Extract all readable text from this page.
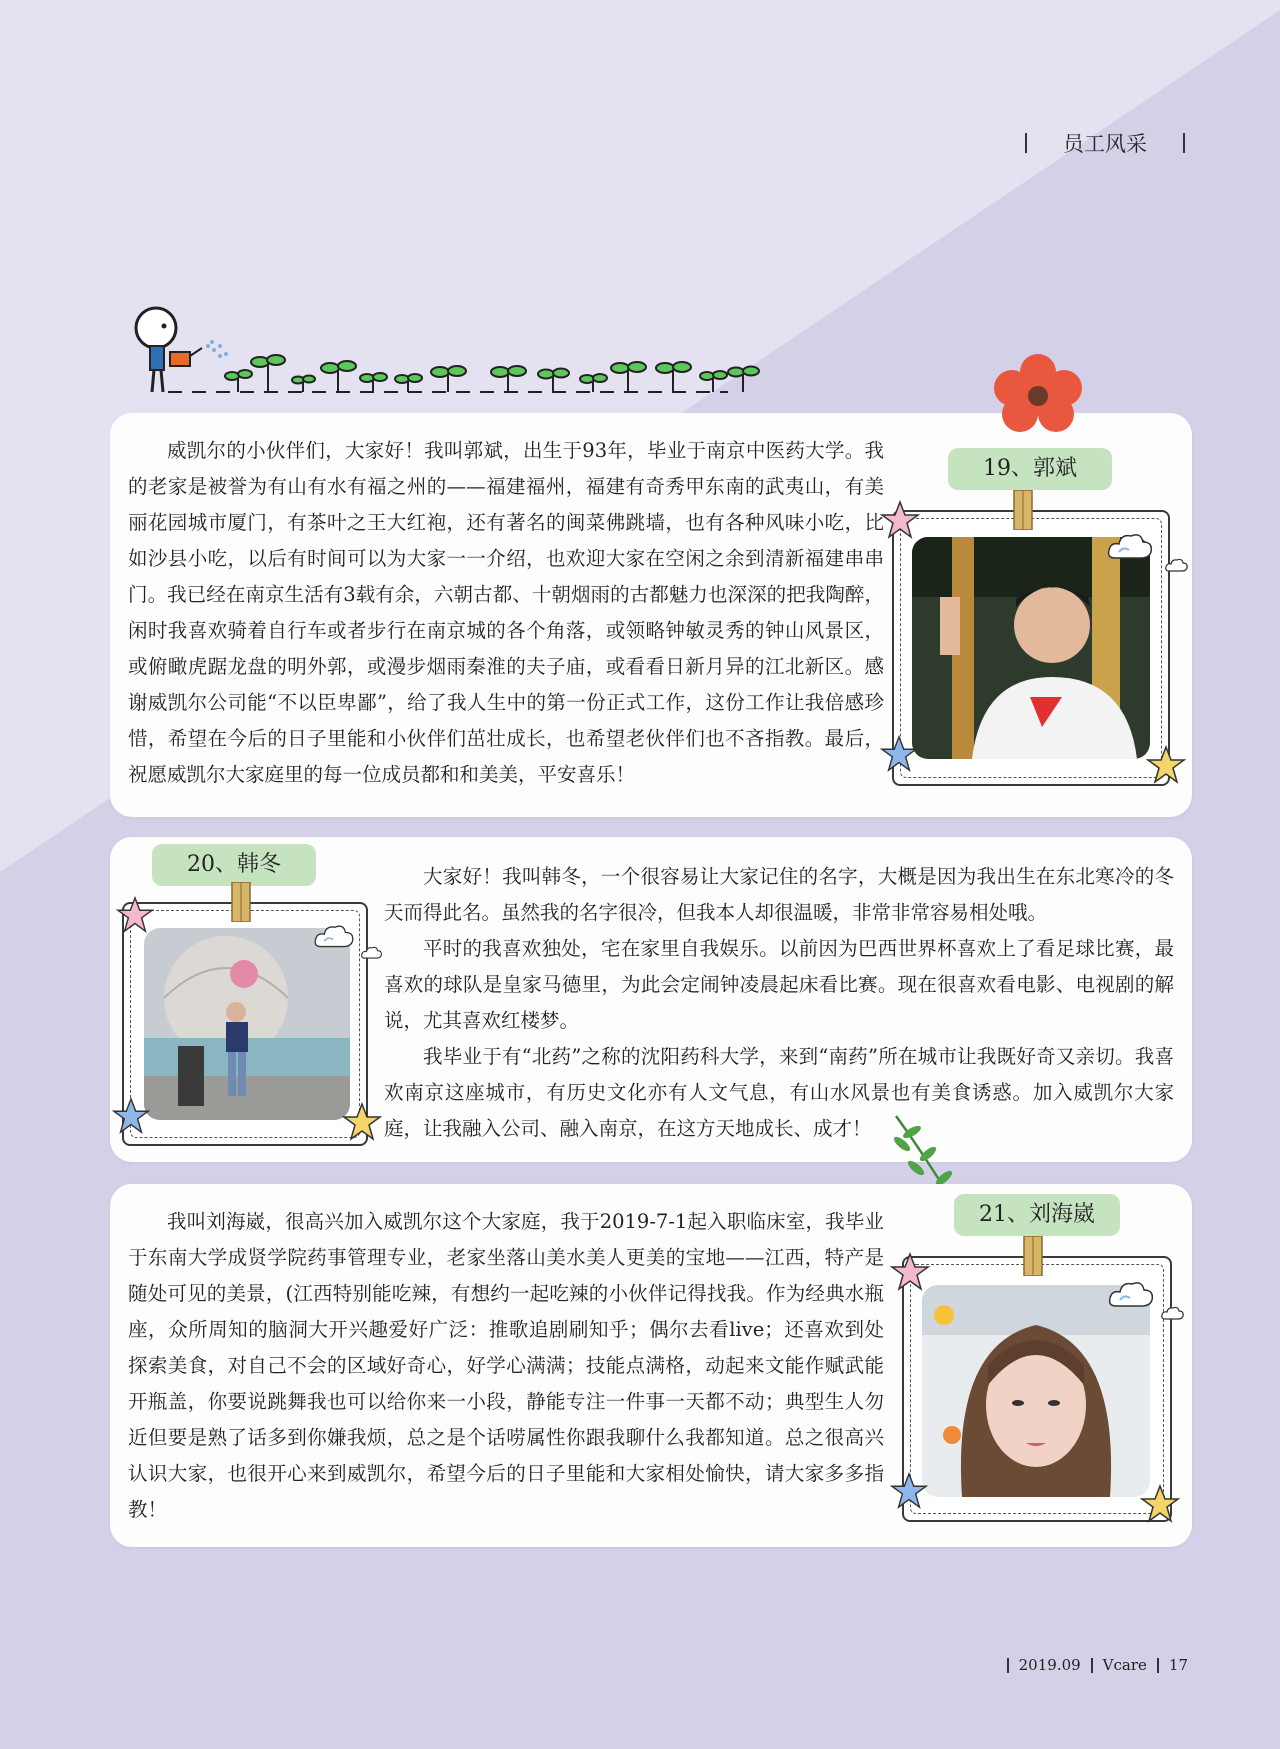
员工风采

威凯尔的小伙伴们，大家好！我叫郭斌，出生于93年，毕业于南京中医药大学。我的老家是被誉为有山有水有福之州的——福建福州，福建有奇秀甲东南的武夷山，有美丽花园城市厦门，有茶叶之王大红袍，还有著名的闽菜佛跳墙，也有各种风味小吃，比如沙县小吃，以后有时间可以为大家一一介绍，也欢迎大家在空闲之余到清新福建串串门。我已经在南京生活有3载有余，六朝古都、十朝烟雨的古都魅力也深深的把我陶醉，闲时我喜欢骑着自行车或者步行在南京城的各个角落，或领略钟敏灵秀的钟山风景区，或俯瞰虎踞龙盘的明外郭，或漫步烟雨秦淮的夫子庙，或看看日新月异的江北新区。感谢威凯尔公司能“不以臣卑鄙”，给了我人生中的第一份正式工作，这份工作让我倍感珍惜，希望在今后的日子里能和小伙伴们茁壮成长，也希望老伙伴们也不吝指教。最后，祝愿威凯尔大家庭里的每一位成员都和和美美，平安喜乐！

19、郭斌

大家好！我叫韩冬，一个很容易让大家记住的名字，大概是因为我出生在东北寒冷的冬天而得此名。虽然我的名字很冷，但我本人却很温暖，非常非常容易相处哦。

平时的我喜欢独处，宅在家里自我娱乐。以前因为巴西世界杯喜欢上了看足球比赛，最喜欢的球队是皇家马德里，为此会定闹钟凌晨起床看比赛。现在很喜欢看电影、电视剧的解说，尤其喜欢红楼梦。

我毕业于有“北药”之称的沈阳药科大学，来到“南药”所在城市让我既好奇又亲切。我喜欢南京这座城市，有历史文化亦有人文气息，有山水风景也有美食诱惑。加入威凯尔大家庭，让我融入公司、融入南京，在这方天地成长、成才！

20、韩冬

我叫刘海崴，很高兴加入威凯尔这个大家庭，我于2019-7-1起入职临床室，我毕业于东南大学成贤学院药事管理专业，老家坐落山美水美人更美的宝地——江西，特产是随处可见的美景，(江西特别能吃辣，有想约一起吃辣的小伙伴记得找我。作为经典水瓶座，众所周知的脑洞大开兴趣爱好广泛：推歌追剧刷知乎；偶尔去看live；还喜欢到处探索美食，对自己不会的区域好奇心，好学心满满；技能点满格，动起来文能作赋武能开瓶盖，你要说跳舞我也可以给你来一小段，静能专注一件事一天都不动；典型生人勿近但要是熟了话多到你嫌我烦，总之是个话唠属性你跟我聊什么我都知道。总之很高兴认识大家，也很开心来到威凯尔，希望今后的日子里能和大家相处愉快，请大家多多指教！

21、刘海崴
2019.09 Vcare 17
